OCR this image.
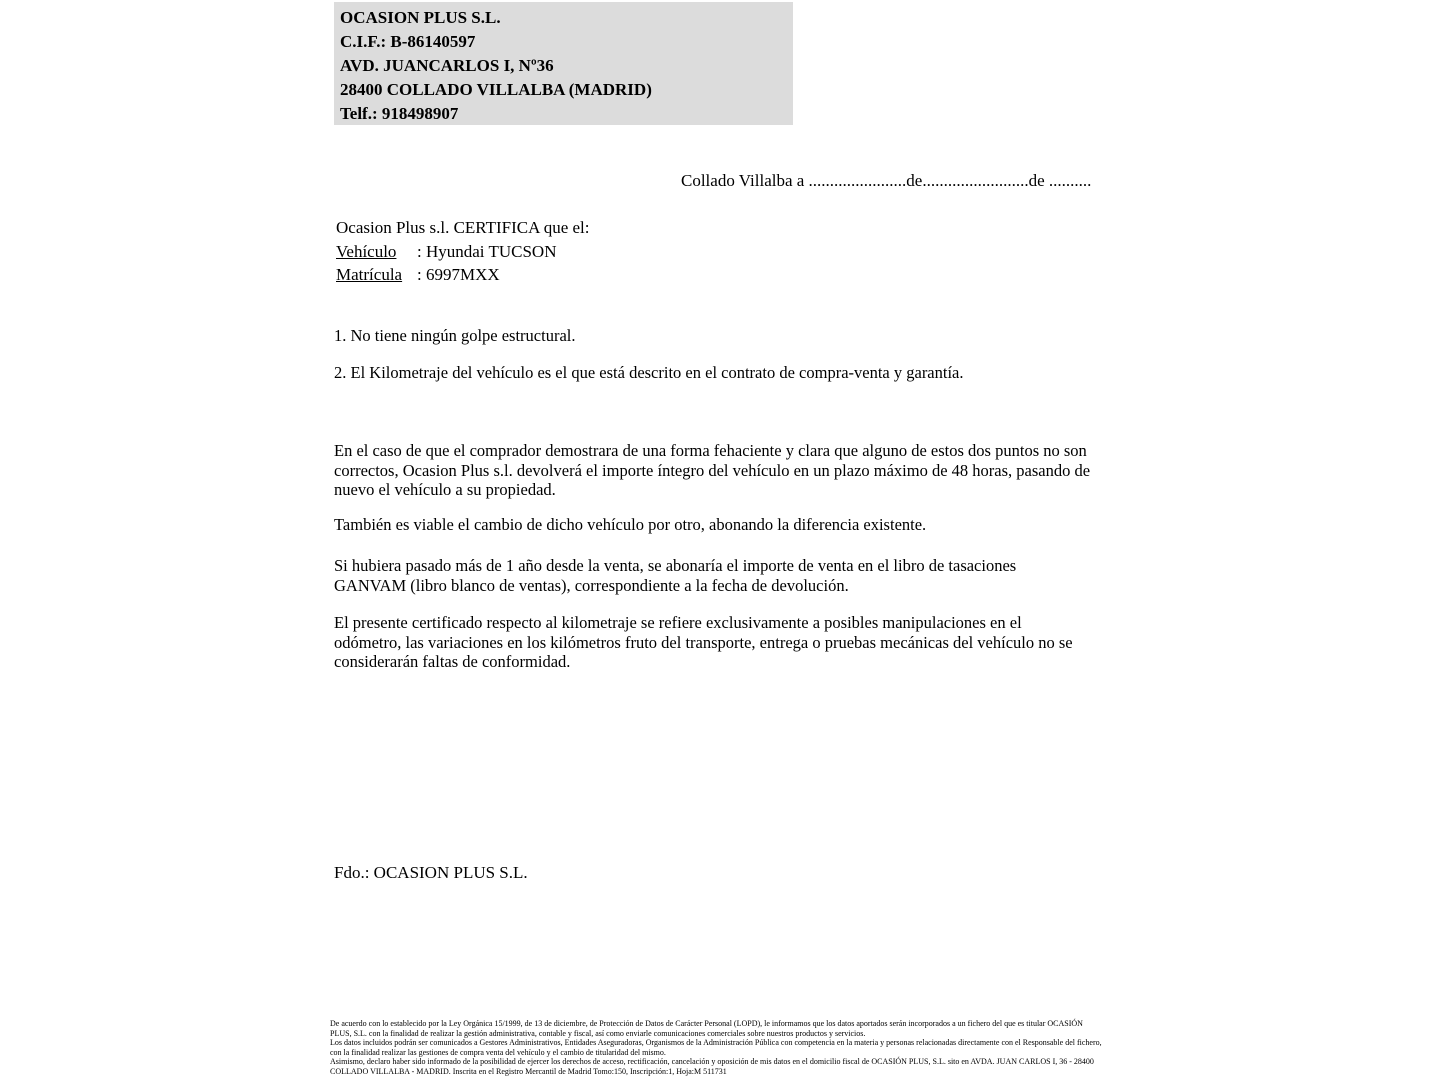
OCASION PLUS S.L.
C.I.F.: B-86140597
AVD. JUANCARLOS I, Nº36
28400 COLLADO VILLALBA (MADRID)
Telf.: 918498907
Collado Villalba a .......................de.........................de ..........
Ocasion Plus s.l. CERTIFICA que el:
Vehículo : Hyundai TUCSON
Matrícula : 6997MXX
1. No tiene ningún golpe estructural.
2. El Kilometraje del vehículo es el que está descrito en el contrato de compra-venta y garantía.
En el caso de que el comprador demostrara de una forma fehaciente y clara que alguno de estos dos puntos no son correctos, Ocasion Plus s.l. devolverá el importe íntegro del vehículo en un plazo máximo de 48 horas, pasando de nuevo el vehículo a su propiedad.
También es viable el cambio de dicho vehículo por otro, abonando la diferencia existente.
Si hubiera pasado más de 1 año desde la venta, se abonaría el importe de venta en el libro de tasaciones GANVAM (libro blanco de ventas), correspondiente a la fecha de devolución.
El presente certificado respecto al kilometraje se refiere exclusivamente a posibles manipulaciones en el odómetro, las variaciones en los kilómetros fruto del transporte, entrega o pruebas mecánicas del vehículo no se considerarán faltas de conformidad.
Fdo.: OCASION PLUS S.L.
De acuerdo con lo establecido por la Ley Orgánica 15/1999, de 13 de diciembre, de Protección de Datos de Carácter Personal (LOPD), le informamos que los datos aportados serán incorporados a un fichero del que es titular OCASIÓN PLUS, S.L. con la finalidad de realizar la gestión administrativa, contable y fiscal, así como enviarle comunicaciones comerciales sobre nuestros productos y servicios.
Los datos incluidos podrán ser comunicados a Gestores Administrativos, Entidades Aseguradoras, Organismos de la Administración Pública con competencia en la materia y personas relacionadas directamente con el Responsable del fichero, con la finalidad realizar las gestiones de compra venta del vehículo y el cambio de titularidad del mismo.
Asimismo, declaro haber sido informado de la posibilidad de ejercer los derechos de acceso, rectificación, cancelación y oposición de mis datos en el domicilio fiscal de OCASIÓN PLUS, S.L. sito en AVDA. JUAN CARLOS I, 36 - 28400 COLLADO VILLALBA - MADRID. Inscrita en el Registro Mercantil de Madrid Tomo:150, Inscripción:1, Hoja:M 511731
